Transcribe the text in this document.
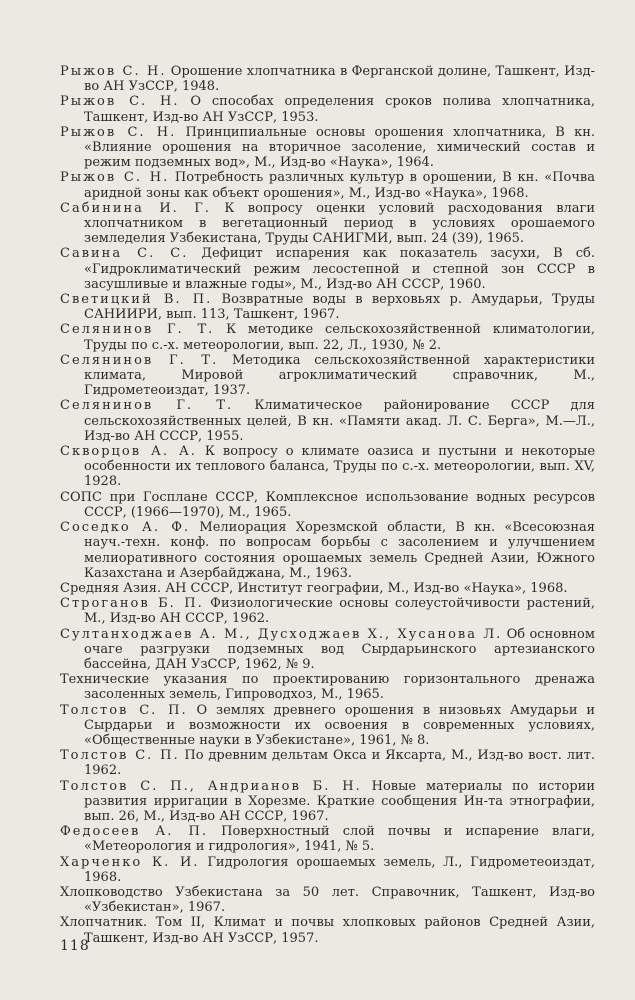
Рыжов С. Н. Орошение хлопчатника в Ферганской долине, Ташкент, Изд-во АН УзССР, 1948.

Рыжов С. Н. О способах определения сроков полива хлопчатника, Ташкент, Изд-во АН УзССР, 1953.

Рыжов С. Н. Принципиальные основы орошения хлопчатника, В кн. «Влияние орошения на вторичное засоление, химический состав и режим подземных вод», М., Изд-во «Наука», 1964.

Рыжов С. Н. Потребность различных культур в орошении, В кн. «Почва аридной зоны как объект орошения», М., Изд-во «Наука», 1968.

Сабинина И. Г. К вопросу оценки условий расходования влаги хлопчатником в вегетационный период в условиях орошаемого земледелия Узбекистана, Труды САНИГМИ, вып. 24 (39), 1965.

Савина С. С. Дефицит испарения как показатель засухи, В сб. «Гидроклиматический режим лесостепной и степной зон СССР в засушливые и влажные годы», М., Изд-во АН СССР, 1960.

Светицкий В. П. Возвратные воды в верховьях р. Амударьи, Труды САНИИРИ, вып. 113, Ташкент, 1967.

Селянинов Г. Т. К методике сельскохозяйственной климатологии, Труды по с.-х. метеорологии, вып. 22, Л., 1930, № 2.

Селянинов Г. Т. Методика сельскохозяйственной характеристики климата, Мировой агроклиматический справочник, М., Гидрометеоиздат, 1937.

Селянинов Г. Т. Климатическое районирование СССР для сельскохозяйственных целей, В кн. «Памяти акад. Л. С. Берга», М.—Л., Изд-во АН СССР, 1955.

Скворцов А. А. К вопросу о климате оазиса и пустыни и некоторые особенности их теплового баланса, Труды по с.-х. метеорологии, вып. XV, 1928.

СОПС при Госплане СССР, Комплексное использование водных ресурсов СССР, (1966—1970), М., 1965.

Соседко А. Ф. Мелиорация Хорезмской области, В кн. «Всесоюзная науч.-техн. конф. по вопросам борьбы с засолением и улучшением мелиоративного состояния орошаемых земель Средней Азии, Южного Казахстана и Азербайджана, М., 1963.

Средняя Азия. АН СССР, Институт географии, М., Изд-во «Наука», 1968.

Строганов Б. П. Физиологические основы солеустойчивости растений, М., Изд-во АН СССР, 1962.

Султанходжаев А. М., Дусходжаев Х., Хусанова Л. Об основном очаге разгрузки подземных вод Сырдарьинского артезианского бассейна, ДАН УзССР, 1962, № 9.

Технические указания по проектированию горизонтального дренажа засоленных земель, Гипроводхоз, М., 1965.

Толстов С. П. О землях древнего орошения в низовьях Амударьи и Сырдарьи и возможности их освоения в современных условиях, «Общественные науки в Узбекистане», 1961, № 8.

Толстов С. П. По древним дельтам Окса и Яксарта, М., Изд-во вост. лит. 1962.

Толстов С. П., Андрианов Б. Н. Новые материалы по истории развития ирригации в Хорезме. Краткие сообщения Ин-та этнографии, вып. 26, М., Изд-во АН СССР, 1967.

Федосеев А. П. Поверхностный слой почвы и испарение влаги, «Метеорология и гидрология», 1941, № 5.

Харченко К. И. Гидрология орошаемых земель, Л., Гидрометеоиздат, 1968.

Хлопководство Узбекистана за 50 лет. Справочник, Ташкент, Изд-во «Узбекистан», 1967.

Хлопчатник. Том II, Климат и почвы хлопковых районов Средней Азии, Ташкент, Изд-во АН УзССР, 1957.

118
